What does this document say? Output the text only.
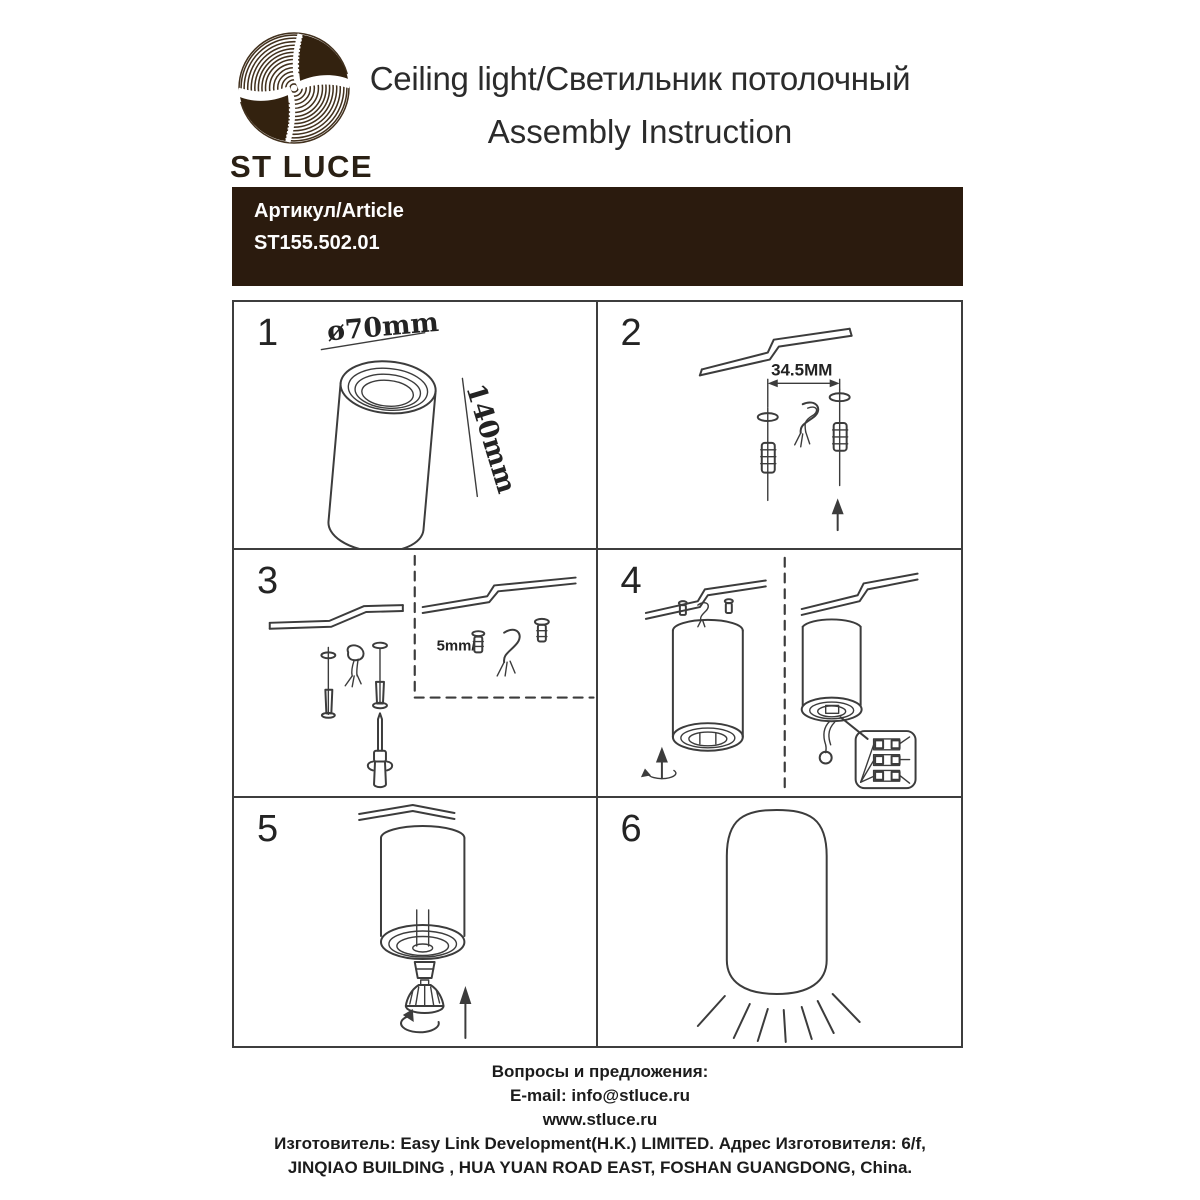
ST LUCE
Ceiling light/Светильник потолочный
Assembly Instruction

Артикул/Article

ST155.502.01

1 ø70mm
140mm
2
34.5MM
3
5mm/
4
5	6

Вопросы и предложения:

E-mail: info@stluce.ru

www.stluce.ru

Изготовитель: Easy Link Development(H.K.) LIMITED. Адрес Изготовителя: 6/f,

JINQIAO BUILDING , HUA YUAN ROAD EAST, FOSHAN GUANGDONG, China.
